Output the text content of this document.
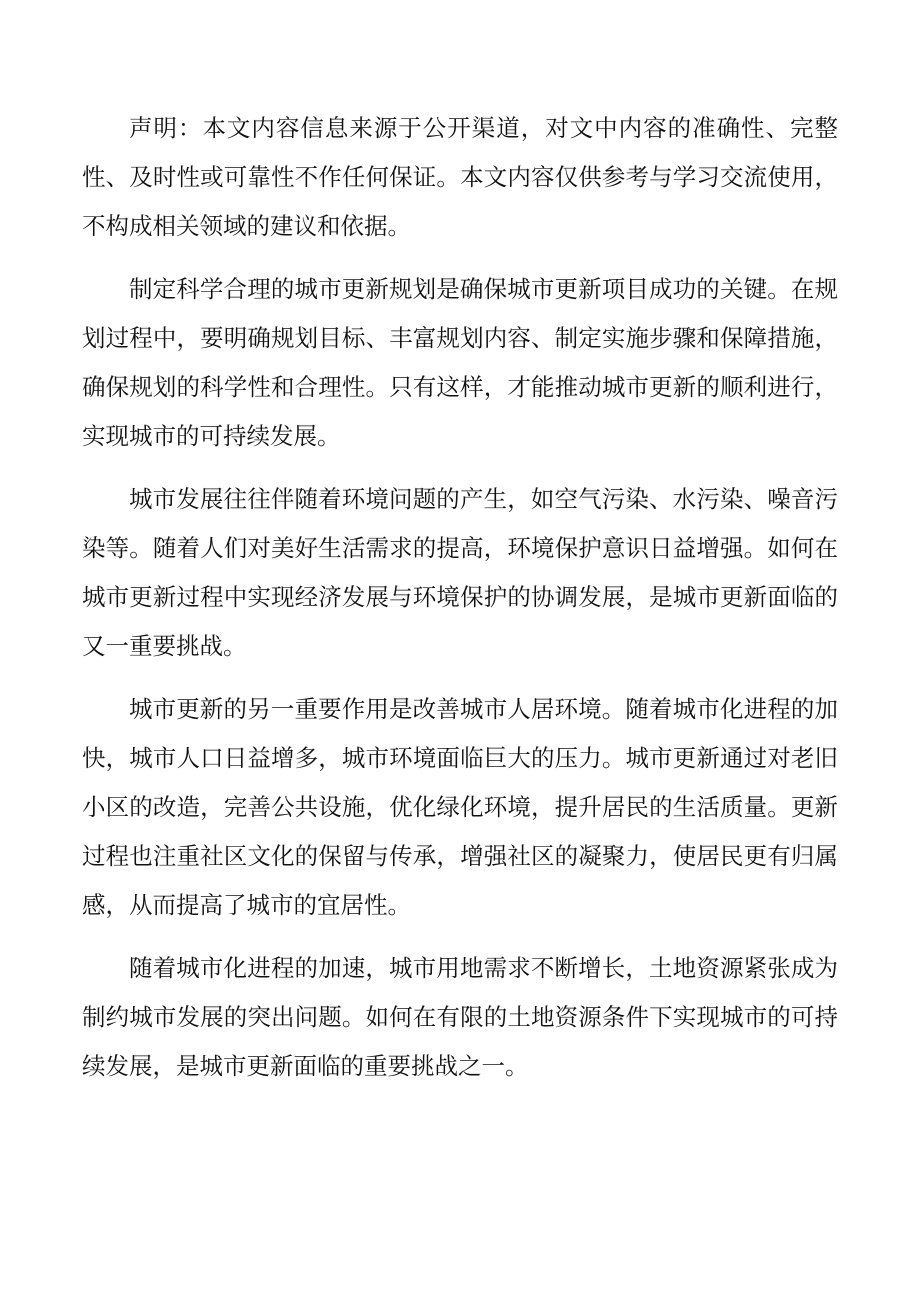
声明：本文内容信息来源于公开渠道，对文中内容的准确性、完整性、及时性或可靠性不作任何保证。本文内容仅供参考与学习交流使用，不构成相关领域的建议和依据。

制定科学合理的城市更新规划是确保城市更新项目成功的关键。在规划过程中，要明确规划目标、丰富规划内容、制定实施步骤和保障措施，确保规划的科学性和合理性。只有这样，才能推动城市更新的顺利进行，实现城市的可持续发展。

城市发展往往伴随着环境问题的产生，如空气污染、水污染、噪音污染等。随着人们对美好生活需求的提高，环境保护意识日益增强。如何在城市更新过程中实现经济发展与环境保护的协调发展，是城市更新面临的又一重要挑战。

城市更新的另一重要作用是改善城市人居环境。随着城市化进程的加快，城市人口日益增多，城市环境面临巨大的压力。城市更新通过对老旧小区的改造，完善公共设施，优化绿化环境，提升居民的生活质量。更新过程也注重社区文化的保留与传承，增强社区的凝聚力，使居民更有归属感，从而提高了城市的宜居性。

随着城市化进程的加速，城市用地需求不断增长，土地资源紧张成为制约城市发展的突出问题。如何在有限的土地资源条件下实现城市的可持续发展，是城市更新面临的重要挑战之一。
